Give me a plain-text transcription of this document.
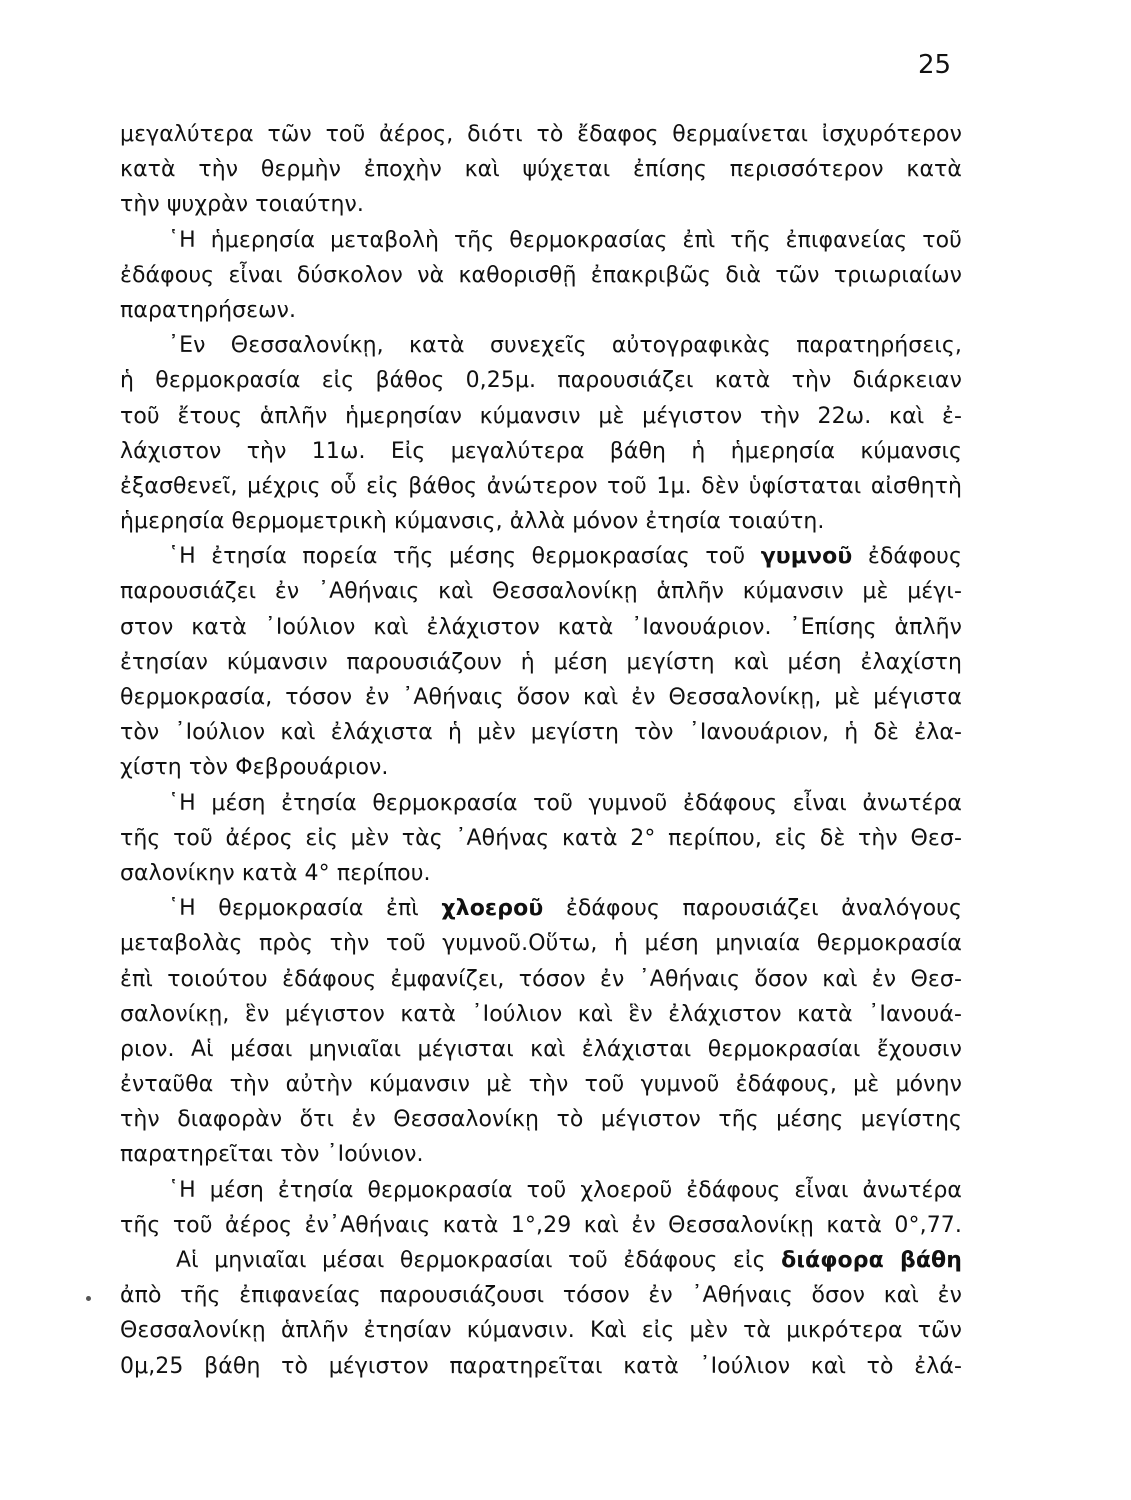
25
μεγαλύτερα τῶν τοῦ ἀέρος, διότι τὸ ἔδαφος θερμαίνεται ἰσχυρότερον
κατὰ τὴν θερμὴν ἐποχὴν καὶ ψύχεται ἐπίσης περισσότερον κατὰ
τὴν ψυχρὰν τοιαύτην.
῾Η ἡμερησία μεταβολὴ τῆς θερμοκρασίας ἐπὶ τῆς ἐπιφανείας τοῦ
ἐδάφους εἶναι δύσκολον νὰ καθορισθῇ ἐπακριβῶς διὰ τῶν τριωριαίων
παρατηρήσεων.
᾿Εν Θεσσαλονίκῃ, κατὰ συνεχεῖς αὐτογραφικὰς παρατηρήσεις,
ἡ θερμοκρασία εἰς βάθος 0,25μ. παρουσιάζει κατὰ τὴν διάρκειαν
τοῦ ἔτους ἁπλῆν ἡμερησίαν κύμανσιν μὲ μέγιστον τὴν 22ω. καὶ ἐ-
λάχιστον τὴν 11ω. Εἰς μεγαλύτερα βάθη ἡ ἡμερησία κύμανσις
ἐξασθενεῖ, μέχρις οὗ εἰς βάθος ἀνώτερον τοῦ 1μ. δὲν ὑφίσταται αἰσθητὴ
ἡμερησία θερμομετρικὴ κύμανσις, ἀλλὰ μόνον ἐτησία τοιαύτη.
῾Η ἐτησία πορεία τῆς μέσης θερμοκρασίας τοῦ γυμνοῦ ἐδάφους
παρουσιάζει ἐν ᾿Αθήναις καὶ Θεσσαλονίκῃ ἁπλῆν κύμανσιν μὲ μέγι-
στον κατὰ ᾿Ιούλιον καὶ ἐλάχιστον κατὰ ᾿Ιανουάριον. ᾿Επίσης ἁπλῆν
ἐτησίαν κύμανσιν παρουσιάζουν ἡ μέση μεγίστη καὶ μέση ἐλαχίστη
θερμοκρασία, τόσον ἐν ᾿Αθήναις ὅσον καὶ ἐν Θεσσαλονίκῃ, μὲ μέγιστα
τὸν ᾿Ιούλιον καὶ ἐλάχιστα ἡ μὲν μεγίστη τὸν ᾿Ιανουάριον, ἡ δὲ ἐλα-
χίστη τὸν Φεβρουάριον.
῾Η μέση ἐτησία θερμοκρασία τοῦ γυμνοῦ ἐδάφους εἶναι ἀνωτέρα
τῆς τοῦ ἀέρος εἰς μὲν τὰς ᾿Αθήνας κατὰ 2° περίπου, εἰς δὲ τὴν Θεσ-
σαλονίκην κατὰ 4° περίπου.
῾Η θερμοκρασία ἐπὶ χλοεροῦ ἐδάφους παρουσιάζει ἀναλόγους
μεταβολὰς πρὸς τὴν τοῦ γυμνοῦ.Οὕτω, ἡ μέση μηνιαία θερμοκρασία
ἐπὶ τοιούτου ἐδάφους ἐμφανίζει, τόσον ἐν ᾿Αθήναις ὅσον καὶ ἐν Θεσ-
σαλονίκῃ, ἓν μέγιστον κατὰ ᾿Ιούλιον καὶ ἓν ἐλάχιστον κατὰ ᾿Ιανουά-
ριον. Αἱ μέσαι μηνιαῖαι μέγισται καὶ ἐλάχισται θερμοκρασίαι ἔχουσιν
ἐνταῦθα τὴν αὐτὴν κύμανσιν μὲ τὴν τοῦ γυμνοῦ ἐδάφους, μὲ μόνην
τὴν διαφορὰν ὅτι ἐν Θεσσαλονίκῃ τὸ μέγιστον τῆς μέσης μεγίστης
παρατηρεῖται τὸν ᾿Ιούνιον.
῾Η μέση ἐτησία θερμοκρασία τοῦ χλοεροῦ ἐδάφους εἶναι ἀνωτέρα
τῆς τοῦ ἀέρος ἐν᾿Αθήναις κατὰ 1°,29 καὶ ἐν Θεσσαλονίκῃ κατὰ 0°,77.
Αἱ μηνιαῖαι μέσαι θερμοκρασίαι τοῦ ἐδάφους εἰς διάφορα βάθη
ἀπὸ τῆς ἐπιφανείας παρουσιάζουσι τόσον ἐν ᾿Αθήναις ὅσον καὶ ἐν
Θεσσαλονίκῃ ἁπλῆν ἐτησίαν κύμανσιν. Καὶ εἰς μὲν τὰ μικρότερα τῶν
0μ,25 βάθη τὸ μέγιστον παρατηρεῖται κατὰ ᾿Ιούλιον καὶ τὸ ἐλά-
